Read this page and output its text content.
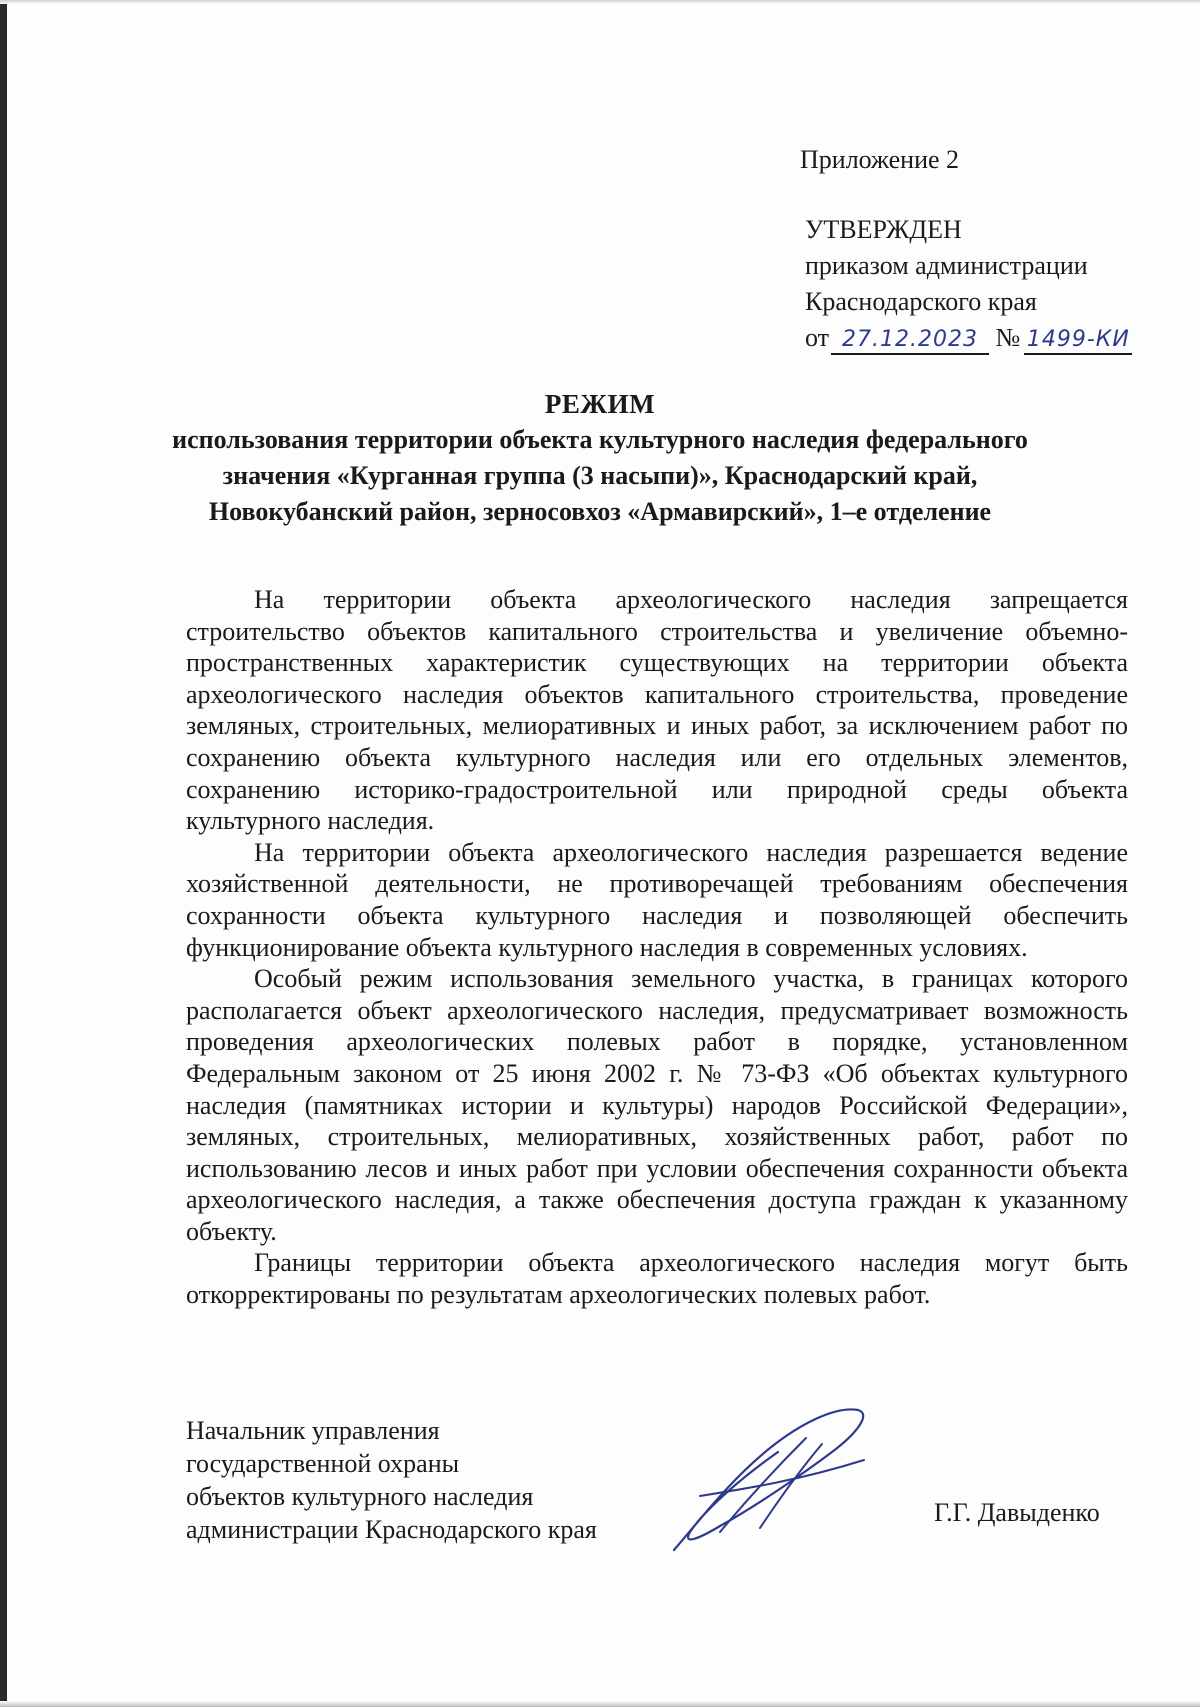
Приложение 2
УТВЕРЖДЕН
приказом администрации
Краснодарского края
от 27.12.2023 № 1499-КИ
РЕЖИМ
использования территории объекта культурного наследия федерального
значения «Курганная группа (3 насыпи)», Краснодарский край,
Новокубанский район, зерносовхоз «Армавирский», 1–е отделение

На территории объекта археологического наследия запрещается строительство объектов капитального строительства и увеличение объемно-пространственных характеристик существующих на территории объекта археологического наследия объектов капитального строительства, проведение земляных, строительных, мелиоративных и иных работ, за исключением работ по сохранению объекта культурного наследия или его отдельных элементов, сохранению историко-градостроительной или природной среды объекта культурного наследия.

На территории объекта археологического наследия разрешается ведение хозяйственной деятельности, не противоречащей требованиям обеспечения сохранности объекта культурного наследия и позволяющей обеспечить функционирование объекта культурного наследия в современных условиях.

Особый режим использования земельного участка, в границах которого располагается объект археологического наследия, предусматривает возможность проведения археологических полевых работ в порядке, установленном Федеральным законом от 25 июня 2002 г. № 73-ФЗ «Об объектах культурного наследия (памятниках истории и культуры) народов Российской Федерации», земляных, строительных, мелиоративных, хозяйственных работ, работ по использованию лесов и иных работ при условии обеспечения сохранности объекта археологического наследия, а также обеспечения доступа граждан к указанному объекту.

Границы территории объекта археологического наследия могут быть откорректированы по результатам археологических полевых работ.

Начальник управления
государственной охраны
объектов культурного наследия
администрации Краснодарского края
Г.Г. Давыденко
